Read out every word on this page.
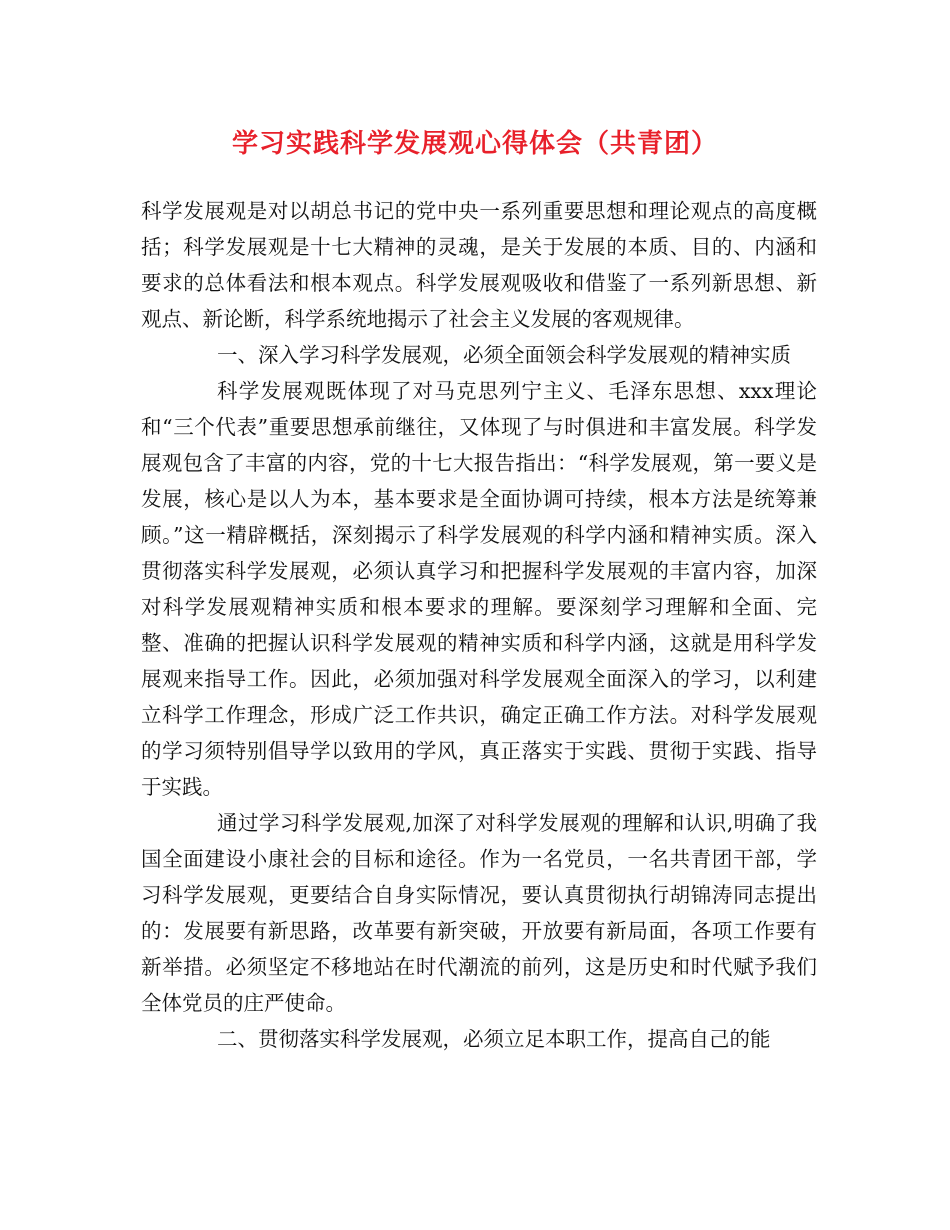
学习实践科学发展观心得体会（共青团）

科学发展观是对以胡总书记的党中央一系列重要思想和理论观点的高度概括；科学发展观是十七大精神的灵魂，是关于发展的本质、目的、内涵和要求的总体看法和根本观点。科学发展观吸收和借鉴了一系列新思想、新观点、新论断，科学系统地揭示了社会主义发展的客观规律。

一、深入学习科学发展观，必须全面领会科学发展观的精神实质

科学发展观既体现了对马克思列宁主义、毛泽东思想、xxx理论和“三个代表”重要思想承前继往，又体现了与时俱进和丰富发展。科学发展观包含了丰富的内容，党的十七大报告指出：“科学发展观，第一要义是发展，核心是以人为本，基本要求是全面协调可持续，根本方法是统筹兼顾。”这一精辟概括，深刻揭示了科学发展观的科学内涵和精神实质。深入贯彻落实科学发展观，必须认真学习和把握科学发展观的丰富内容，加深对科学发展观精神实质和根本要求的理解。要深刻学习理解和全面、完整、准确的把握认识科学发展观的精神实质和科学内涵，这就是用科学发展观来指导工作。因此，必须加强对科学发展观全面深入的学习，以利建立科学工作理念，形成广泛工作共识，确定正确工作方法。对科学发展观的学习须特别倡导学以致用的学风，真正落实于实践、贯彻于实践、指导于实践。

通过学习科学发展观,加深了对科学发展观的理解和认识,明确了我国全面建设小康社会的目标和途径。作为一名党员，一名共青团干部，学习科学发展观，更要结合自身实际情况，要认真贯彻执行胡锦涛同志提出的：发展要有新思路，改革要有新突破，开放要有新局面，各项工作要有新举措。必须坚定不移地站在时代潮流的前列，这是历史和时代赋予我们全体党员的庄严使命。

二、贯彻落实科学发展观，必须立足本职工作，提高自己的能
